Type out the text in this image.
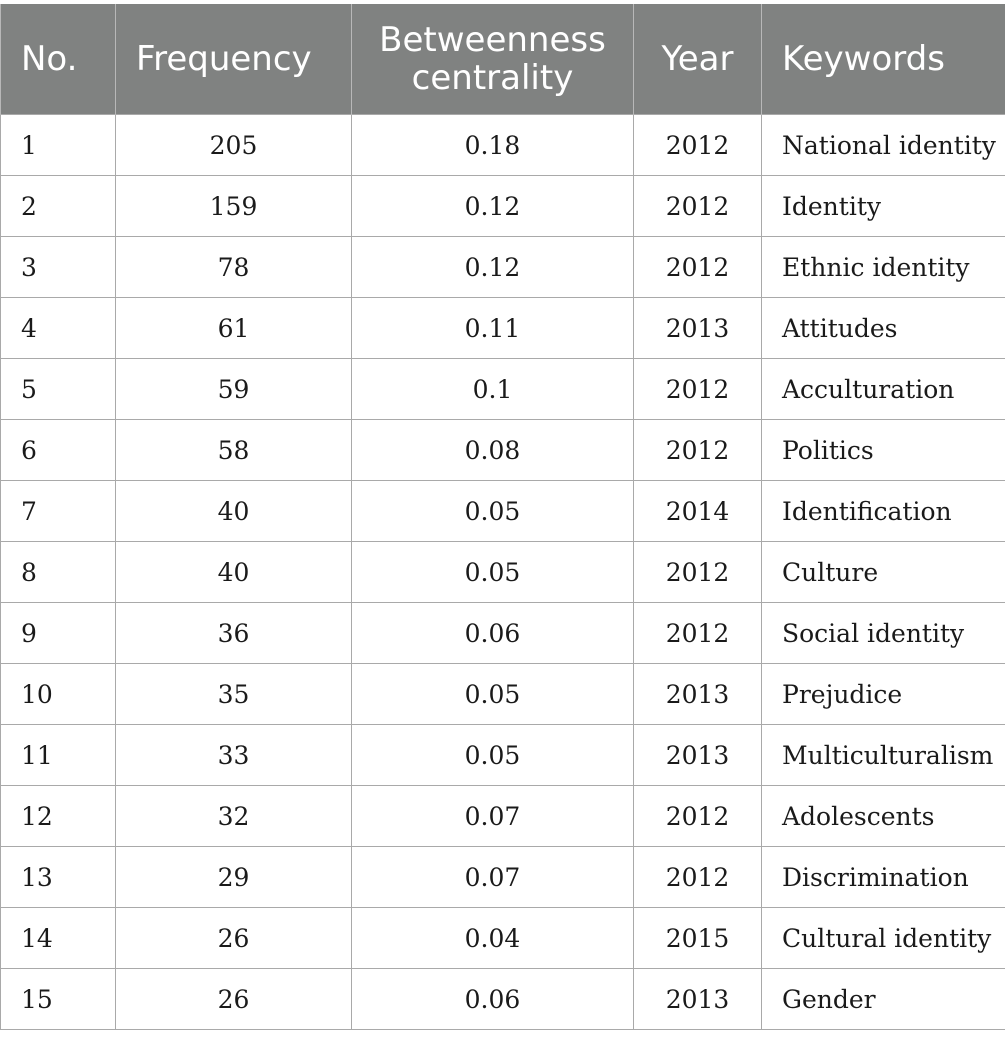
No.	Frequency	Betweenness centrality	Year	Keywords
1	205	0.18	2012	National identity
2	159	0.12	2012	Identity
3	78	0.12	2012	Ethnic identity
4	61	0.11	2013	Attitudes
5	59	0.1	2012	Acculturation
6	58	0.08	2012	Politics
7	40	0.05	2014	Identification
8	40	0.05	2012	Culture
9	36	0.06	2012	Social identity
10	35	0.05	2013	Prejudice
11	33	0.05	2013	Multiculturalism
12	32	0.07	2012	Adolescents
13	29	0.07	2012	Discrimination
14	26	0.04	2015	Cultural identity
15	26	0.06	2013	Gender
